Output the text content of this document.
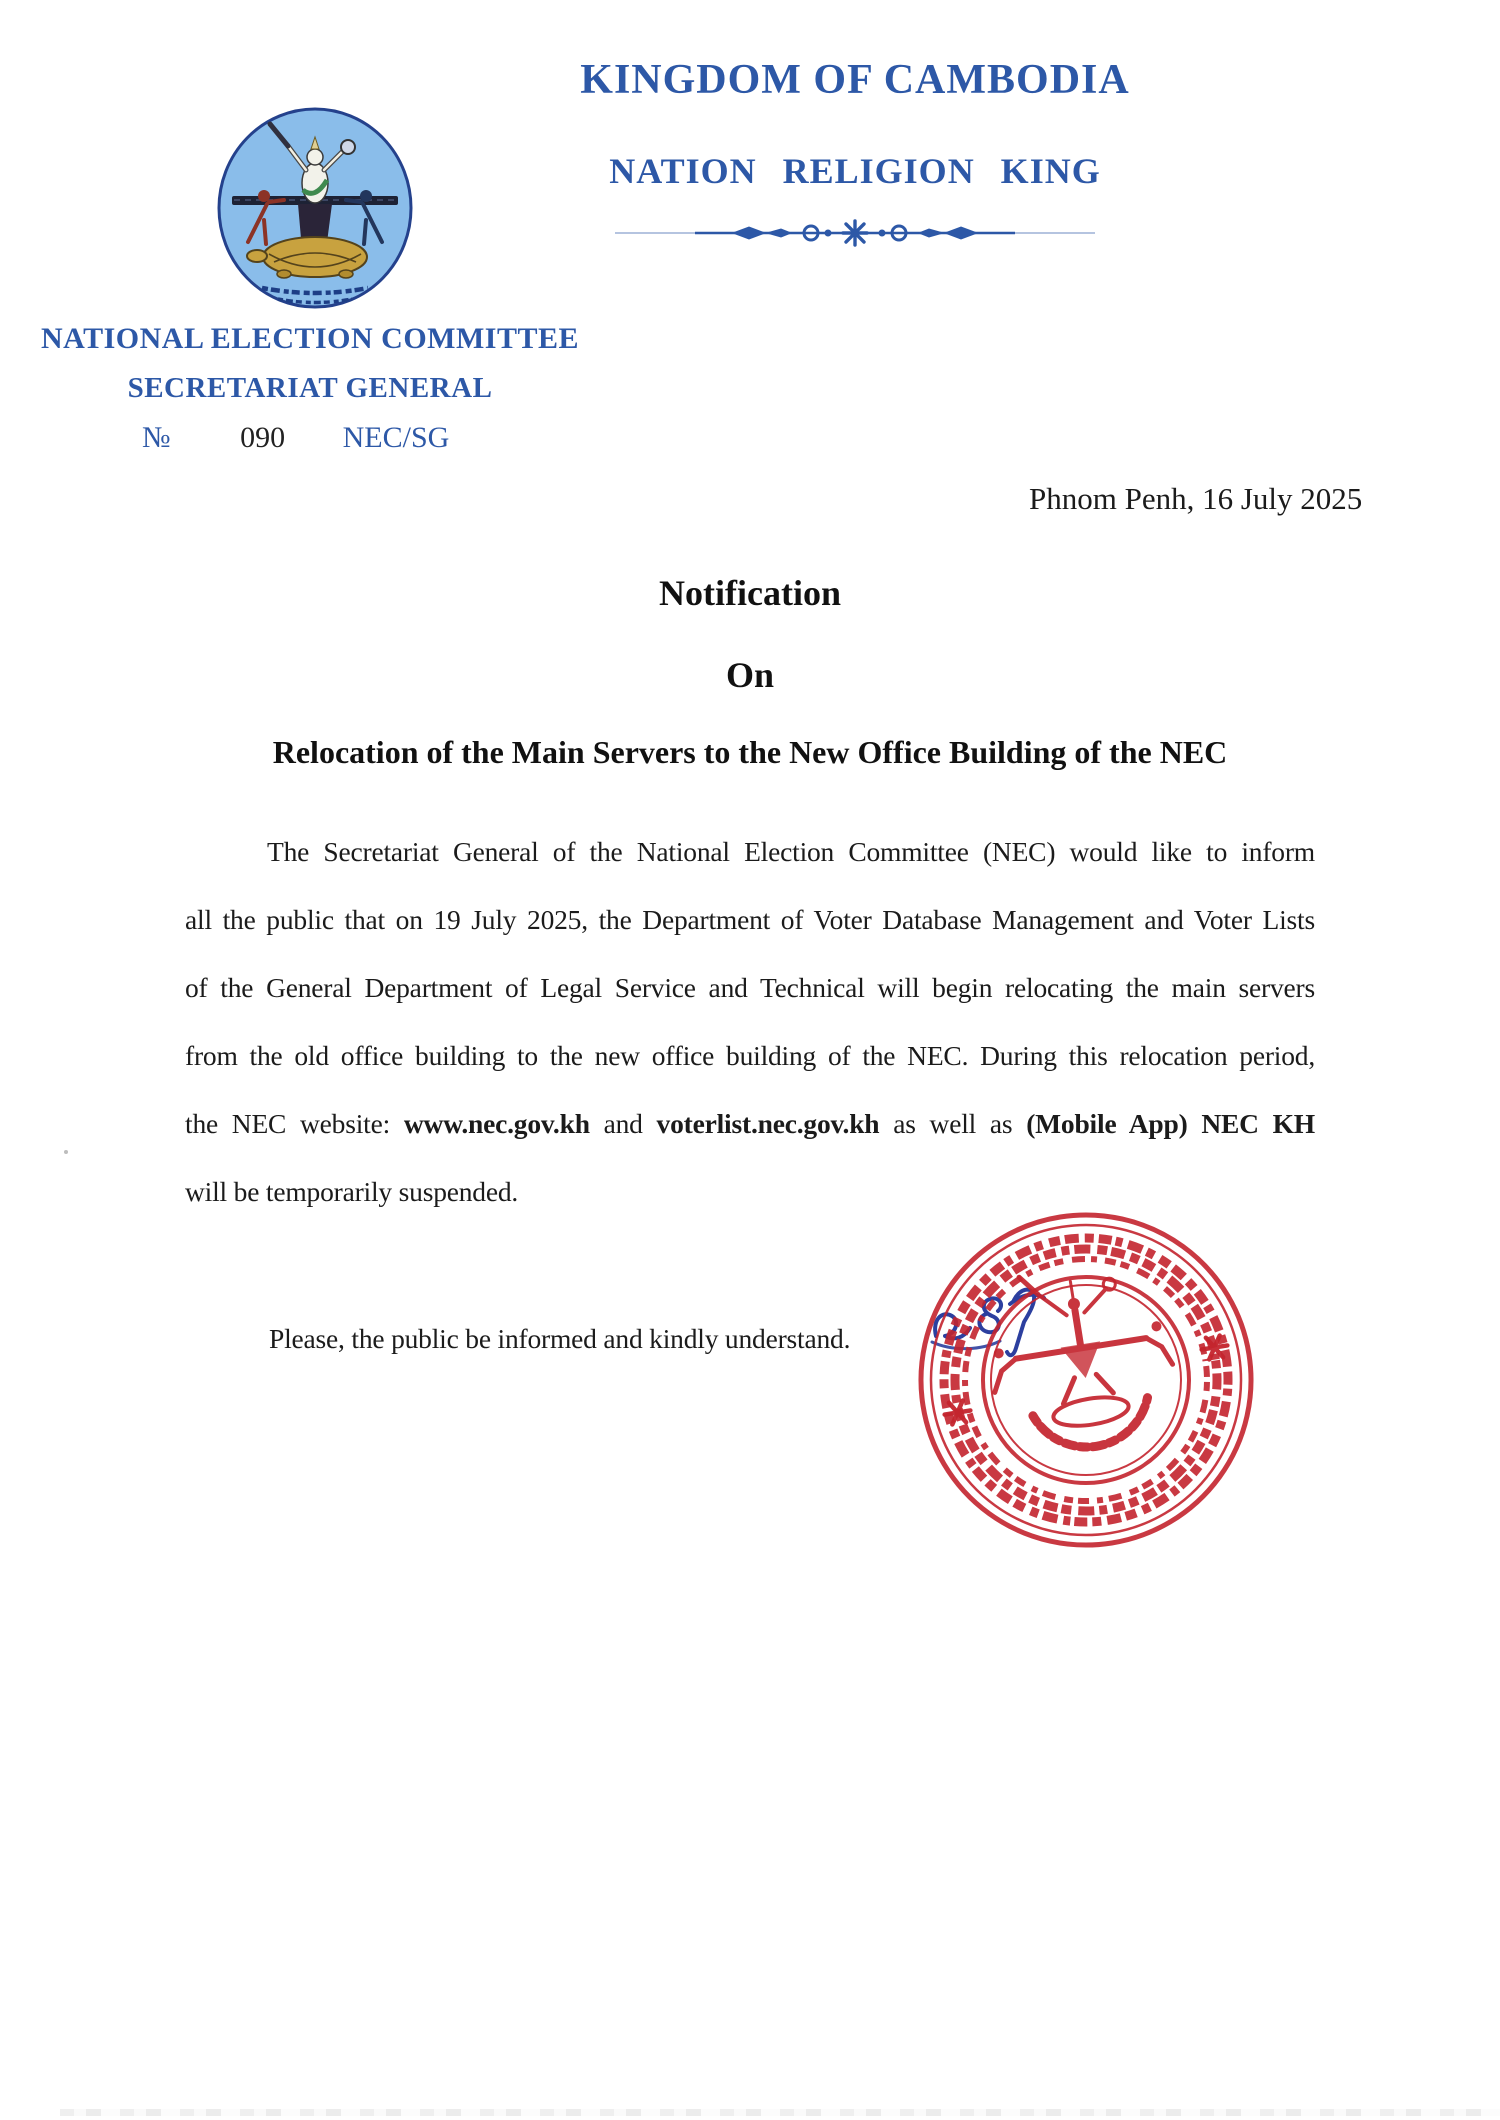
KINGDOM OF CAMBODIA
NATION RELIGION KING
NATIONAL ELECTION COMMITTEE
SECRETARIAT GENERAL
№ 090 NEC/SG
Phnom Penh, 16 July 2025
Notification
On
Relocation of the Main Servers to the New Office Building of the NEC
The Secretariat General of the National Election Committee (NEC) would like to inform
all the public that on 19 July 2025, the Department of Voter Database Management and Voter Lists
of the General Department of Legal Service and Technical will begin relocating the main servers
from the old office building to the new office building of the NEC. During this relocation period,
the NEC website: www.nec.gov.kh and voterlist.nec.gov.kh as well as (Mobile App) NEC KH
will be temporarily suspended.
Please, the public be informed and kindly understand.
